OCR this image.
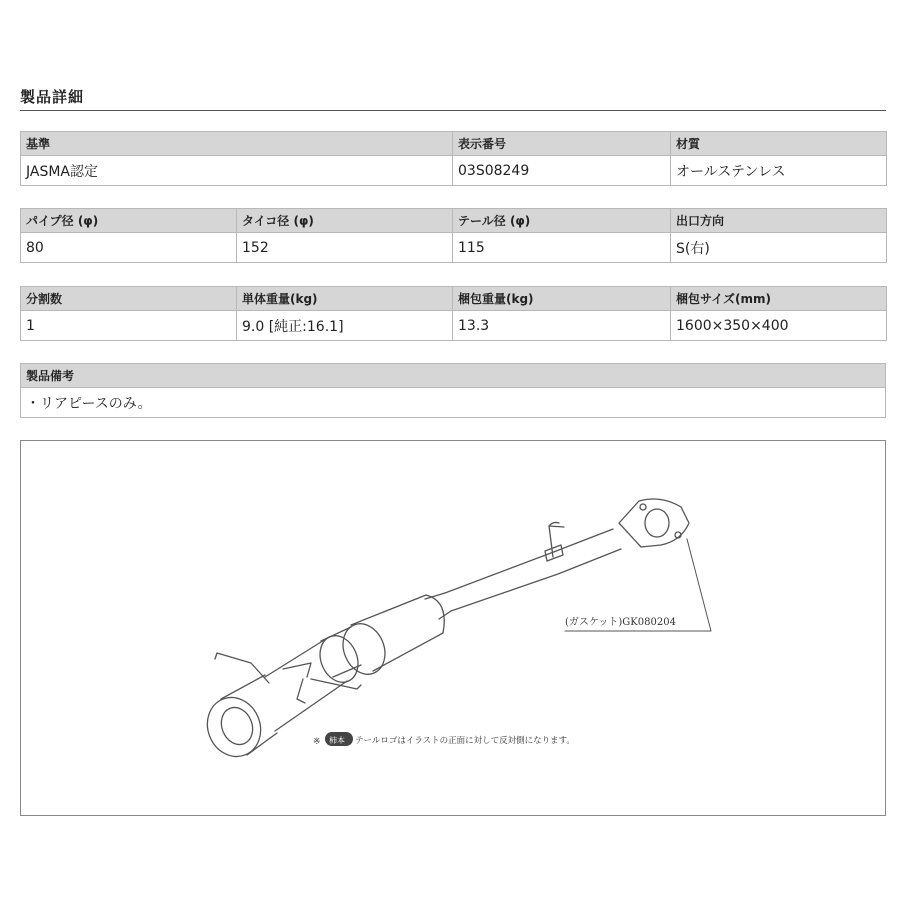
製品詳細
基準	表示番号	材質
JASMA認定	03S08249	オールステンレス
パイプ径 (φ)	タイコ径 (φ)	テール径 (φ)	出口方向
80	152	115	S(右)
分割数	単体重量(kg)	梱包重量(kg)	梱包サイズ(mm)
1	9.0 [純正:16.1]	13.3	1600×350×400
製品備考
・リアピースのみ。
(ガスケット)GK080204
※ 柿本 テールロゴはイラストの正面に対して反対側になります。
